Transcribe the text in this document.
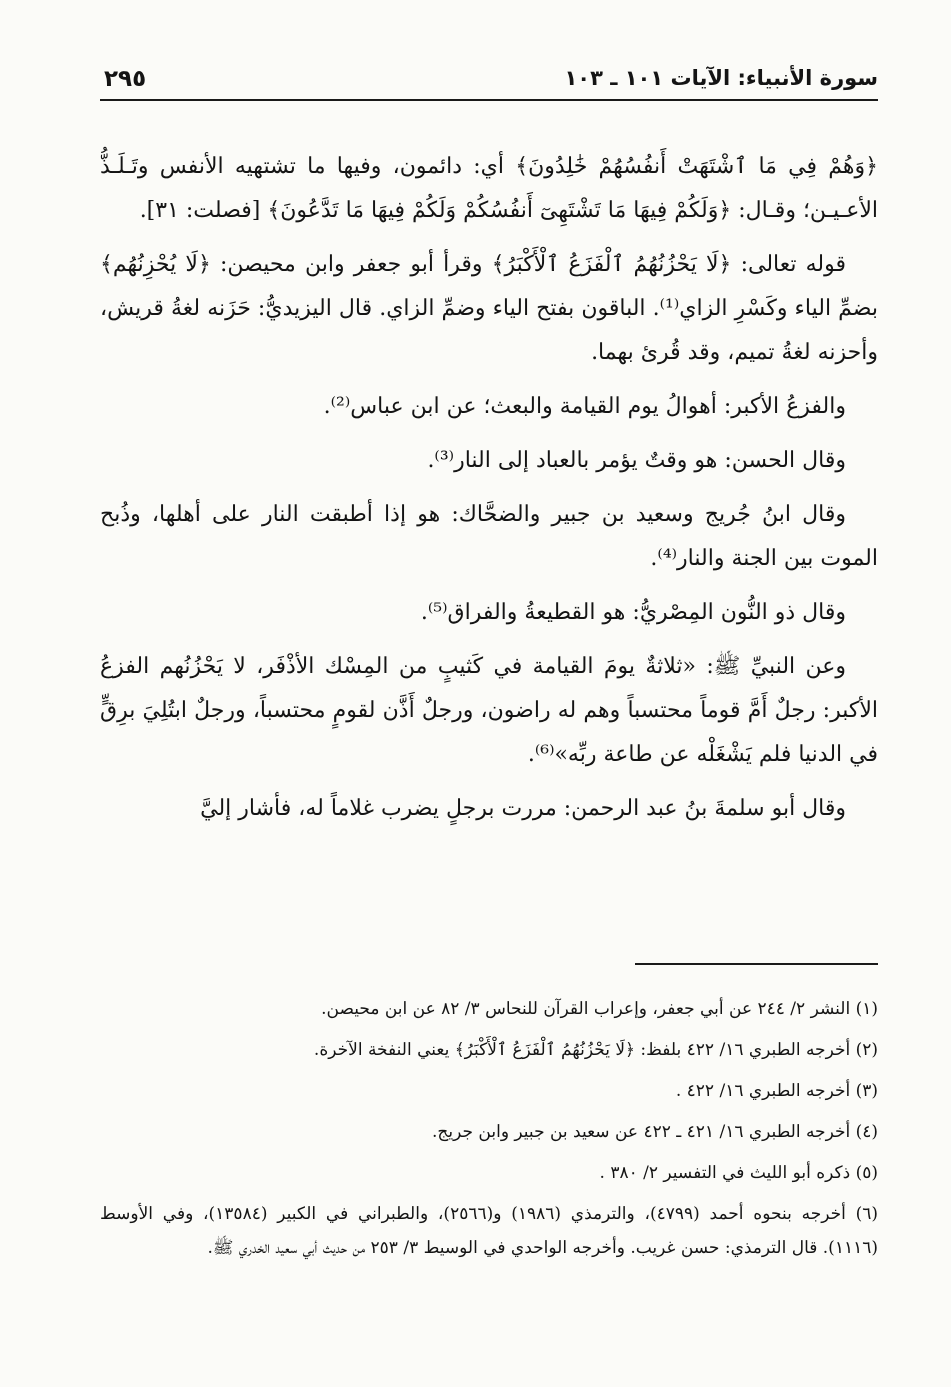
سورة الأنبياء: الآيات ١٠١ ـ ١٠٣
٢٩٥

﴿وَهُمْ فِي مَا ٱشْتَهَتْ أَنفُسُهُمْ خَٰلِدُونَ﴾ أي: دائمون، وفيها ما تشتهيه الأنفس وتَـلَـذُّ الأعـيـن؛ وقـال: ﴿وَلَكُمْ فِيهَا مَا تَشْتَهِىٓ أَنفُسُكُمْ وَلَكُمْ فِيهَا مَا تَدَّعُونَ﴾ [فصلت: ٣١].

قوله تعالى: ﴿لَا يَحْزُنُهُمُ ٱلْفَزَعُ ٱلْأَكْبَرُ﴾ وقرأ أبو جعفر وابن محيصن: ﴿لَا يُحْزِنُهُم﴾ بضمِّ الياء وكَسْرِ الزاي⁽¹⁾. الباقون بفتح الياء وضمِّ الزاي. قال اليزيديُّ: حَزَنه لغةُ قريش، وأحزنه لغةُ تميم، وقد قُرئ بهما.

والفزعُ الأكبر: أهوالُ يوم القيامة والبعث؛ عن ابن عباس⁽²⁾.

وقال الحسن: هو وقتٌ يؤمر بالعباد إلى النار⁽³⁾.

وقال ابنُ جُريج وسعيد بن جبير والضحَّاك: هو إذا أطبقت النار على أهلها، وذُبح الموت بين الجنة والنار⁽⁴⁾.

وقال ذو النُّون المِصْريُّ: هو القطيعةُ والفراق⁽⁵⁾.

وعن النبيِّ ﷺ: «ثلاثةٌ يومَ القيامة في كَثيبٍ من المِسْك الأذْفَر، لا يَحْزُنُهم الفزعُ الأكبر: رجلٌ أَمَّ قوماً محتسباً وهم له راضون، ورجلٌ أَذَّن لقومٍ محتسباً، ورجلٌ ابتُلِيَ برِقٍّ في الدنيا فلم يَشْغَلْه عن طاعة ربِّه»⁽⁶⁾.

وقال أبو سلمةَ بنُ عبد الرحمن: مررت برجلٍ يضرب غلاماً له، فأشار إليَّ

(١) النشر ٢/ ٢٤٤ عن أبي جعفر، وإعراب القرآن للنحاس ٣/ ٨٢ عن ابن محيصن.

(٢) أخرجه الطبري ١٦/ ٤٢٢ بلفظ: ﴿لَا يَحْزُنُهُمُ ٱلْفَزَعُ ٱلْأَكْبَرُ﴾ يعني النفخة الآخرة.

(٣) أخرجه الطبري ١٦/ ٤٢٢ .

(٤) أخرجه الطبري ١٦/ ٤٢١ ـ ٤٢٢ عن سعيد بن جبير وابن جريج.

(٥) ذكره أبو الليث في التفسير ٢/ ٣٨٠ .

(٦) أخرجه بنحوه أحمد (٤٧٩٩)، والترمذي (١٩٨٦) و(٢٥٦٦)، والطبراني في الكبير (١٣٥٨٤)، وفي الأوسط (١١١٦). قال الترمذي: حسن غريب. وأخرجه الواحدي في الوسيط ٣/ ٢٥٣ من حديث أبي سعيد الخدري ﷺ.
